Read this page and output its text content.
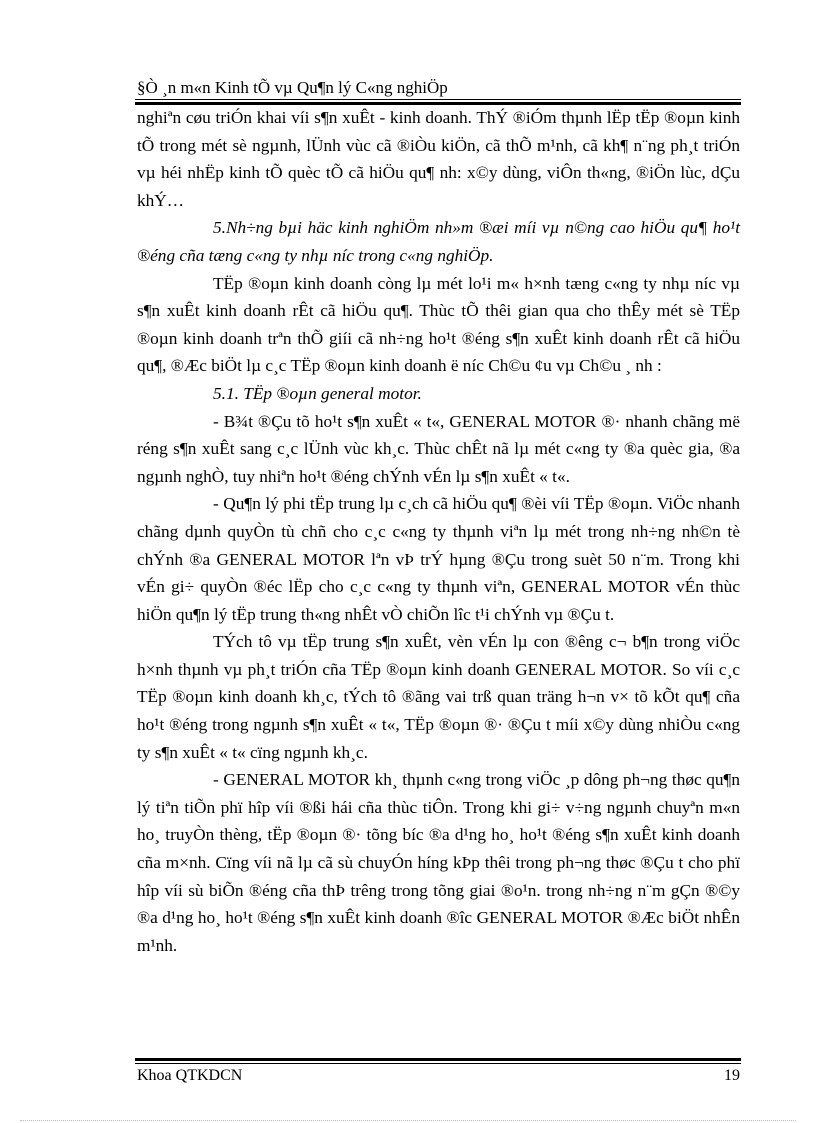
§Ò ¸n m«n Kinh tÕ vµ Qu¶n lý C«ng nghiÖp

nghiªn cøu triÓn khai víi s¶n xuÊt - kinh doanh. ThÝ ®iÓm thµnh lËp tËp ®oµn kinh tÕ trong mét sè ngµnh, lÜnh vùc cã ®iÒu kiÖn, cã thÕ m¹nh, cã kh¶ n¨ng ph¸t triÓn vµ héi nhËp kinh tÕ quèc tÕ cã hiÖu qu¶ nh: x©y dùng, viÔn th«ng, ®iÖn lùc, dÇu khÝ…

5.Nh÷ng bµi häc kinh nghiÖm nh»m ®æi míi vµ n©ng cao hiÖu qu¶ ho¹t ®éng cña tæng c«ng ty nhµ níc trong c«ng nghiÖp.

TËp ®oµn kinh doanh còng lµ mét lo¹i m« h×nh tæng c«ng ty nhµ níc vµ s¶n xuÊt kinh doanh rÊt cã hiÖu qu¶. Thùc tÕ thêi gian qua cho thÊy mét sè TËp ®oµn kinh doanh trªn thÕ giíi cã nh÷ng ho¹t ®éng s¶n xuÊt kinh doanh rÊt cã hiÖu qu¶, ®Æc biÖt lµ c¸c TËp ®oµn kinh doanh ë níc Ch©u ¢u vµ Ch©u ¸ nh :

5.1. TËp ®oµn general motor.

- B¾t ®Çu tõ ho¹t s¶n xuÊt « t«, GENERAL MOTOR ®· nhanh chãng më réng s¶n xuÊt sang c¸c lÜnh vùc kh¸c. Thùc chÊt nã lµ mét c«ng ty ®a quèc gia, ®a ngµnh nghÒ, tuy nhiªn ho¹t ®éng chÝnh vÉn lµ s¶n xuÊt « t«.

- Qu¶n lý phi tËp trung lµ c¸ch cã hiÖu qu¶ ®èi víi TËp ®oµn. ViÖc nhanh chãng dµnh quyÒn tù chñ cho c¸c c«ng ty thµnh viªn lµ mét trong nh÷ng nh©n tè chÝnh ®a GENERAL MOTOR lªn vÞ trÝ hµng ®Çu trong suèt 50 n¨m. Trong khi vÉn gi÷ quyÒn ®éc lËp cho c¸c c«ng ty thµnh viªn, GENERAL MOTOR vÉn thùc hiÖn qu¶n lý tËp trung th«ng nhÊt vÒ chiÕn lîc t¹i chÝnh vµ ®Çu t.

TÝch tô vµ tËp trung s¶n xuÊt, vèn vÉn lµ con ®êng c¬ b¶n trong viÖc h×nh thµnh vµ ph¸t triÓn cña TËp ®oµn kinh doanh GENERAL MOTOR. So víi c¸c TËp ®oµn kinh doanh kh¸c, tÝch tô ®ãng vai trß quan träng h¬n v× tõ kÕt qu¶ cña ho¹t ®éng trong ngµnh s¶n xuÊt « t«, TËp ®oµn ®· ®Çu t míi x©y dùng nhiÒu c«ng ty s¶n xuÊt « t« cïng ngµnh kh¸c.

- GENERAL MOTOR kh¸ thµnh c«ng trong viÖc ¸p dông ph¬ng thøc qu¶n lý tiªn tiÕn phï hîp víi ®ßi hái cña thùc tiÔn. Trong khi gi÷ v÷ng ngµnh chuyªn m«n ho¸ truyÒn thèng, tËp ®oµn ®· tõng bíc ®a d¹ng ho¸ ho¹t ®éng s¶n xuÊt kinh doanh cña m×nh. Cïng víi nã lµ cã sù chuyÓn híng kÞp thêi trong ph¬ng thøc ®Çu t cho phï hîp víi sù biÕn ®éng cña thÞ trêng trong tõng giai ®o¹n. trong nh÷ng n¨m gÇn ®©y ®a d¹ng ho¸ ho¹t ®éng s¶n xuÊt kinh doanh ®îc GENERAL MOTOR ®Æc biÖt nhÊn m¹nh.

Khoa QTKDCN	19
